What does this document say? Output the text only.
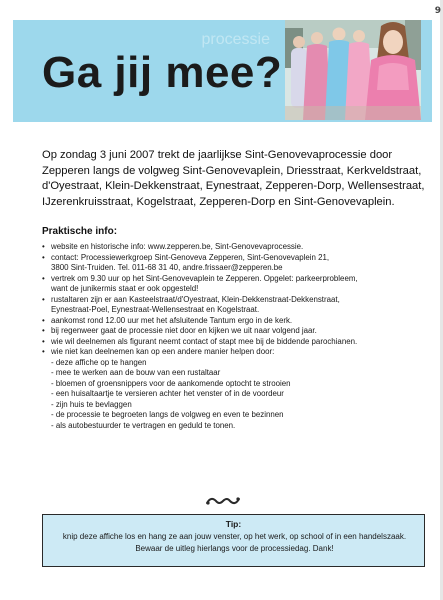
9
processie
Ga jij mee?
Op zondag 3 juni 2007 trekt de jaarlijkse Sint-Genovevaprocessie door Zepperen langs de volgweg Sint-Genovevaplein, Driesstraat, Kerkveldstraat, d'Oyestraat, Klein-Dekkenstraat, Eynestraat, Zepperen-Dorp, Wellensestraat, IJzerenkruisstraat, Kogelstraat, Zepperen-Dorp en Sint-Genovevaplein.
Praktische info:
• website en historische info: www.zepperen.be, Sint-Genovevaprocessie.
• contact: Processiewerkgroep Sint-Genoveva Zepperen, Sint-Genovevaplein 21,
3800 Sint-Truiden. Tel. 011-68 31 40, andre.frissaer@zepperen.be
• vertrek om 9.30 uur op het Sint-Genovevaplein te Zepperen. Opgelet: parkeerprobleem,
want de junikermis staat er ook opgesteld!
• rustaltaren zijn er aan Kasteelstraat/d'Oyestraat, Klein-Dekkenstraat-Dekkenstraat,
Eynestraat-Poel, Eynestraat-Wellensestraat en Kogelstraat.
• aankomst rond 12.00 uur met het afsluitende Tantum ergo in de kerk.
• bij regenweer gaat de processie niet door en kijken we uit naar volgend jaar.
• wie wil deelnemen als figurant neemt contact of stapt mee bij de biddende parochianen.
• wie niet kan deelnemen kan op een andere manier helpen door:
- deze affiche op te hangen
- mee te werken aan de bouw van een rustaltaar
- bloemen of groensnippers voor de aankomende optocht te strooien
- een huisaltaartje te versieren achter het venster of in de voordeur
- zijn huis te bevlaggen
- de processie te begroeten langs de volgweg en even te bezinnen
- als autobestuurder te vertragen en geduld te tonen.
Tip:
knip deze affiche los en hang ze aan jouw venster, op het werk, op school of in een handelszaak. Bewaar de uitleg hierlangs voor de processiedag. Dank!
